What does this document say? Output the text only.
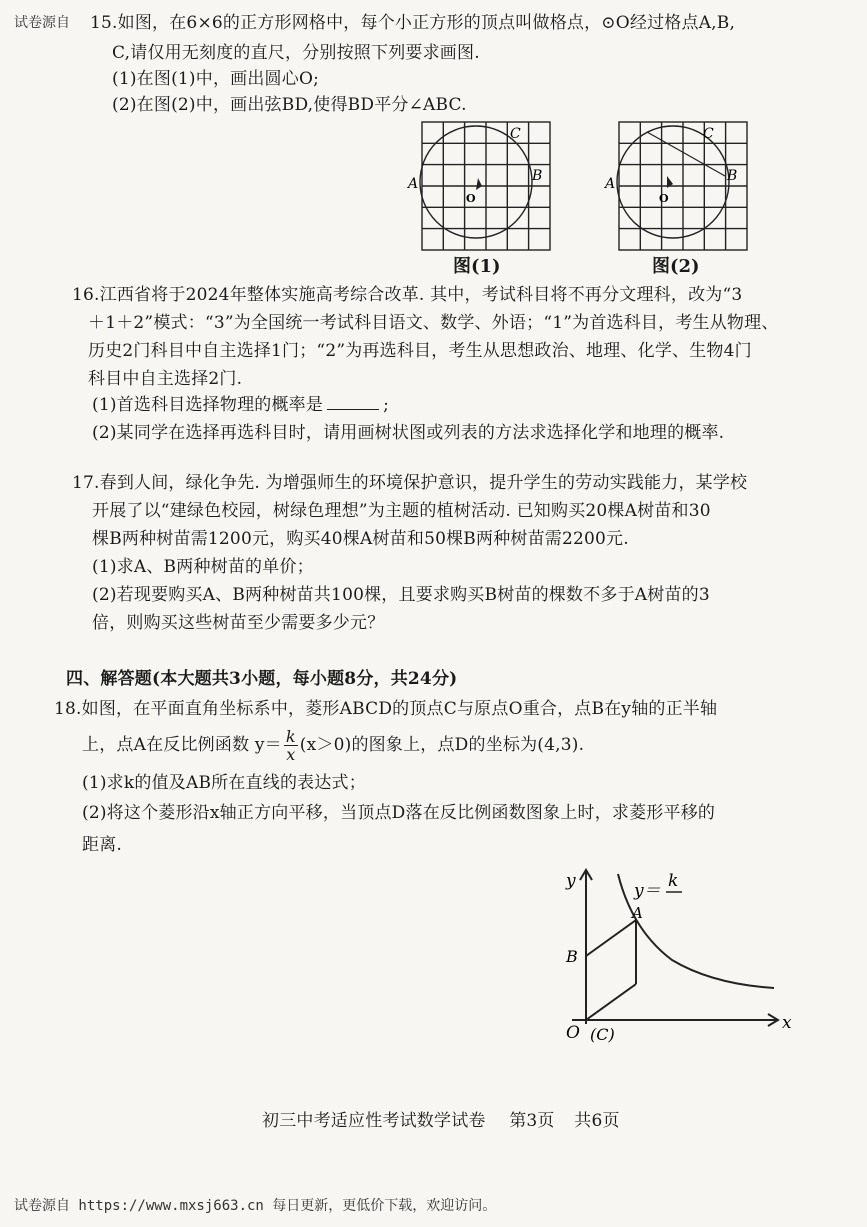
试卷源自 15.如图，在6×6的正方形网格中，每个小正方形的顶点叫做格点，⊙O经过格点A,B,
C,请仅用无刻度的直尺，分别按照下列要求画图.
(1)在图(1)中，画出圆心O;
(2)在图(2)中，画出弦BD,使得BD平分∠ABC.
A	B
C
O
图(1)
A	B
C
O
图(2)
16.江西省将于2024年整体实施高考综合改革. 其中，考试科目将不再分文理科，改为“3
＋1＋2”模式：“3”为全国统一考试科目语文、数学、外语；“1”为首选科目，考生从物理、
历史2门科目中自主选择1门；“2”为再选科目，考生从思想政治、地理、化学、生物4门
科目中自主选择2门.
(1)首选科目选择物理的概率是	;
(2)某同学在选择再选科目时，请用画树状图或列表的方法求选择化学和地理的概率.
17.春到人间，绿化争先. 为增强师生的环境保护意识，提升学生的劳动实践能力，某学校
开展了以“建绿色校园，树绿色理想”为主题的植树活动. 已知购买20棵A树苗和30
棵B两种树苗需1200元，购买40棵A树苗和50棵B两种树苗需2200元.
(1)求A、B两种树苗的单价；
(2)若现要购买A、B两种树苗共100棵，且要求购买B树苗的棵数不多于A树苗的3
倍，则购买这些树苗至少需要多少元？
四、解答题(本大题共3小题，每小题8分，共24分)
18.如图，在平面直角坐标系中，菱形ABCD的顶点C与原点O重合，点B在y轴的正半轴
上，点A在反比例函数 $y= \frac{k}{x} (x>0)$的图象上，点D的坐标为(4,3).
(1)求k的值及AB所在直线的表达式；
(2)将这个菱形沿x轴正方向平移，当顶点D落在反比例函数图象上时，求菱形平移的
距离.
y
x
O (C)
B
A
y＝ k
初三中考适应性考试数学试卷 第3页 共6页
试卷源自 https://www.mxsj663.cn 每日更新，更低价下载，欢迎访问。
